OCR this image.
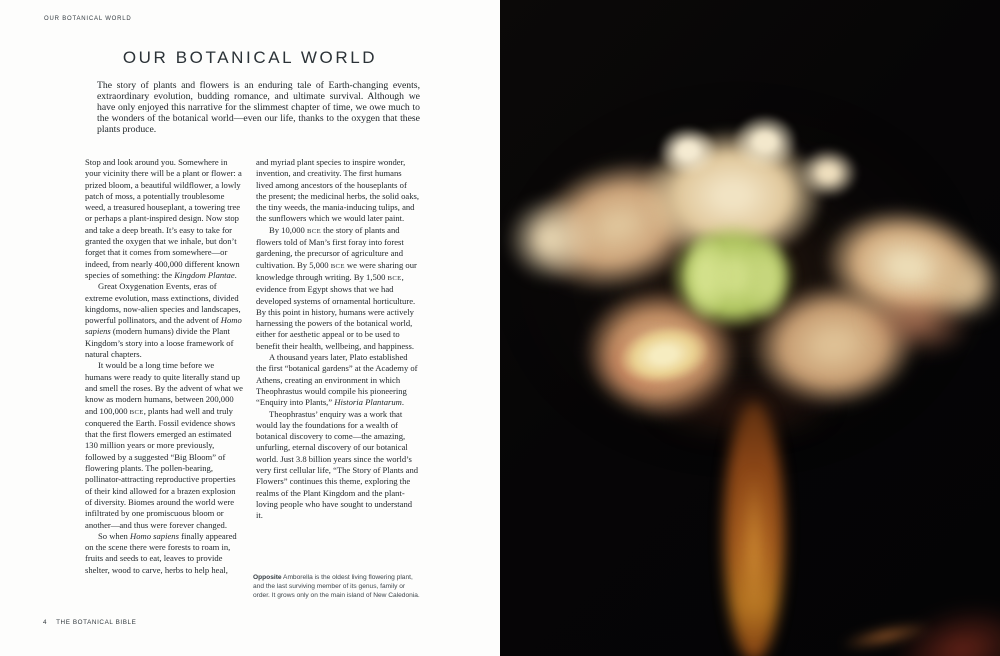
OUR BOTANICAL WORLD
OUR BOTANICAL WORLD
The story of plants and flowers is an enduring tale of Earth-changing events, extraordinary evolution, budding romance, and ultimate survival. Although we have only enjoyed this narrative for the slimmest chapter of time, we owe much to the wonders of the botanical world—even our life, thanks to the oxygen that these plants produce.

Stop and look around you. Somewhere in your vicinity there will be a plant or flower: a prized bloom, a beautiful wildflower, a lowly patch of moss, a potentially troublesome weed, a treasured houseplant, a towering tree or perhaps a plant-inspired design. Now stop and take a deep breath. It’s easy to take for granted the oxygen that we inhale, but don’t forget that it comes from somewhere—or indeed, from nearly 400,000 different known species of something: the Kingdom Plantae.

Great Oxygenation Events, eras of extreme evolution, mass extinctions, divided kingdoms, now-alien species and landscapes, powerful pollinators, and the advent of Homo sapiens (modern humans) divide the Plant Kingdom’s story into a loose framework of natural chapters.

It would be a long time before we humans were ready to quite literally stand up and smell the roses. By the advent of what we know as modern humans, between 200,000 and 100,000 BCE, plants had well and truly conquered the Earth. Fossil evidence shows that the first flowers emerged an estimated 130 million years or more previously, followed by a suggested “Big Bloom” of flowering plants. The pollen-bearing, pollinator-attracting reproductive properties of their kind allowed for a brazen explosion of diversity. Biomes around the world were infiltrated by one promiscuous bloom or another—and thus were forever changed.

So when Homo sapiens finally appeared on the scene there were forests to roam in, fruits and seeds to eat, leaves to provide shelter, wood to carve, herbs to help heal,

and myriad plant species to inspire wonder, invention, and creativity. The first humans lived among ancestors of the houseplants of the present; the medicinal herbs, the solid oaks, the tiny weeds, the mania-inducing tulips, and the sunflowers which we would later paint.

By 10,000 BCE the story of plants and flowers told of Man’s first foray into forest gardening, the precursor of agriculture and cultivation. By 5,000 BCE we were sharing our knowledge through writing. By 1,500 BCE, evidence from Egypt shows that we had developed systems of ornamental horticulture. By this point in history, humans were actively harnessing the powers of the botanical world, either for aesthetic appeal or to be used to benefit their health, wellbeing, and happiness.

A thousand years later, Plato established the first “botanical gardens” at the Academy of Athens, creating an environment in which Theophrastus would compile his pioneering “Enquiry into Plants,” Historia Plantarum.

Theophrastus’ enquiry was a work that would lay the foundations for a wealth of botanical discovery to come—the amazing, unfurling, eternal discovery of our botanical world. Just 3.8 billion years since the world’s very first cellular life, “The Story of Plants and Flowers” continues this theme, exploring the realms of the Plant Kingdom and the plant-loving people who have sought to understand it.

Opposite Amborella is the oldest living flowering plant, and the last surviving member of its genus, family or order. It grows only on the main island of New Caledonia.
4 THE BOTANICAL BIBLE
